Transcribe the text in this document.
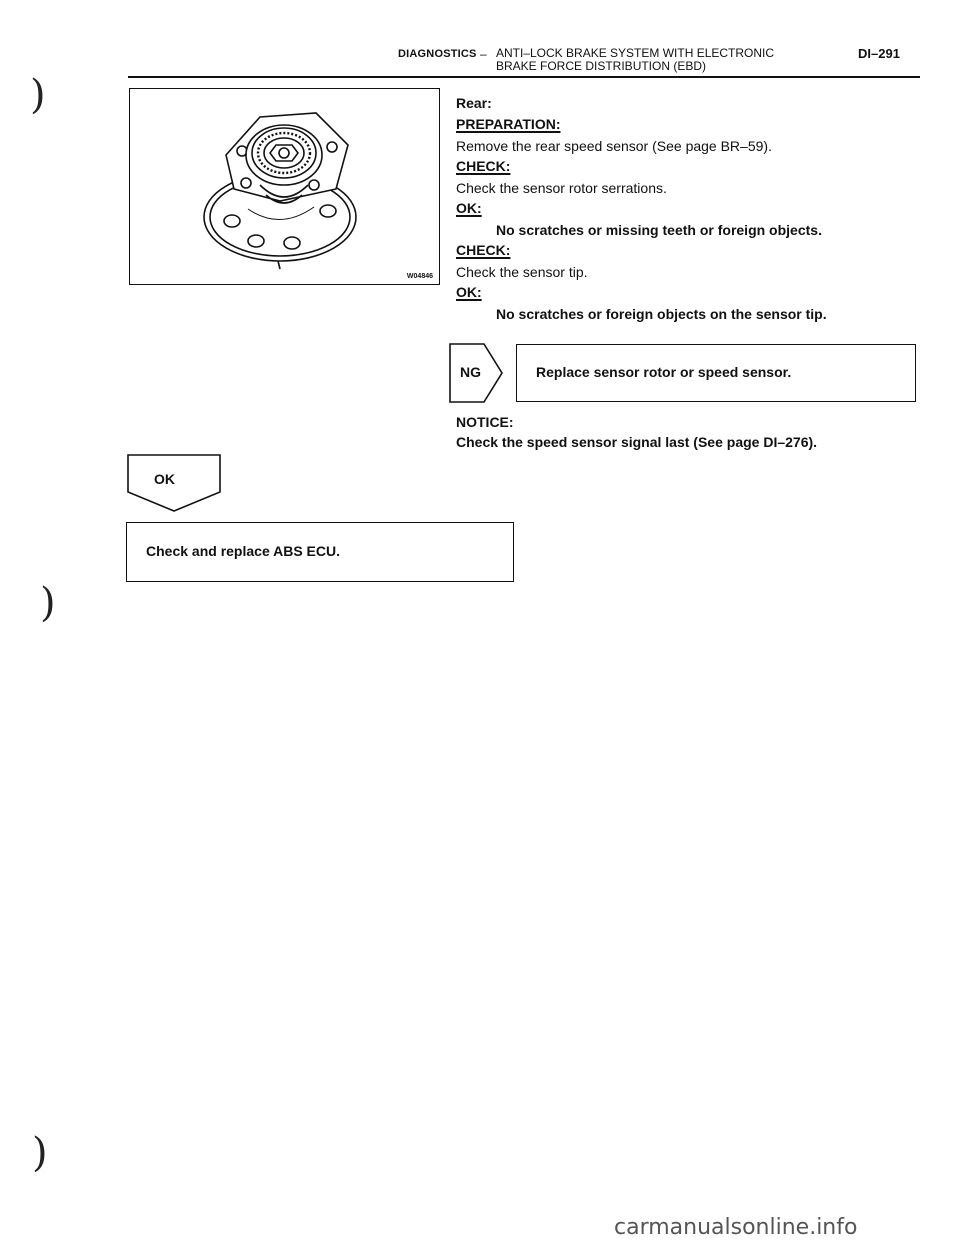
)
)
)
DIAGNOSTICS – ANTI–LOCK BRAKE SYSTEM WITH ELECTRONIC
BRAKE FORCE DISTRIBUTION (EBD)
DI–291
W04846
Rear:
PREPARATION:
Remove the rear speed sensor (See page BR–59).
CHECK:
Check the sensor rotor serrations.
OK:
No scratches or missing teeth or foreign objects.
CHECK:
Check the sensor tip.
OK:
No scratches or foreign objects on the sensor tip.
NG	Replace sensor rotor or speed sensor.
NOTICE:
Check the speed sensor signal last (See page DI–276).
OK
Check and replace ABS ECU.
carmanualsonline.info
